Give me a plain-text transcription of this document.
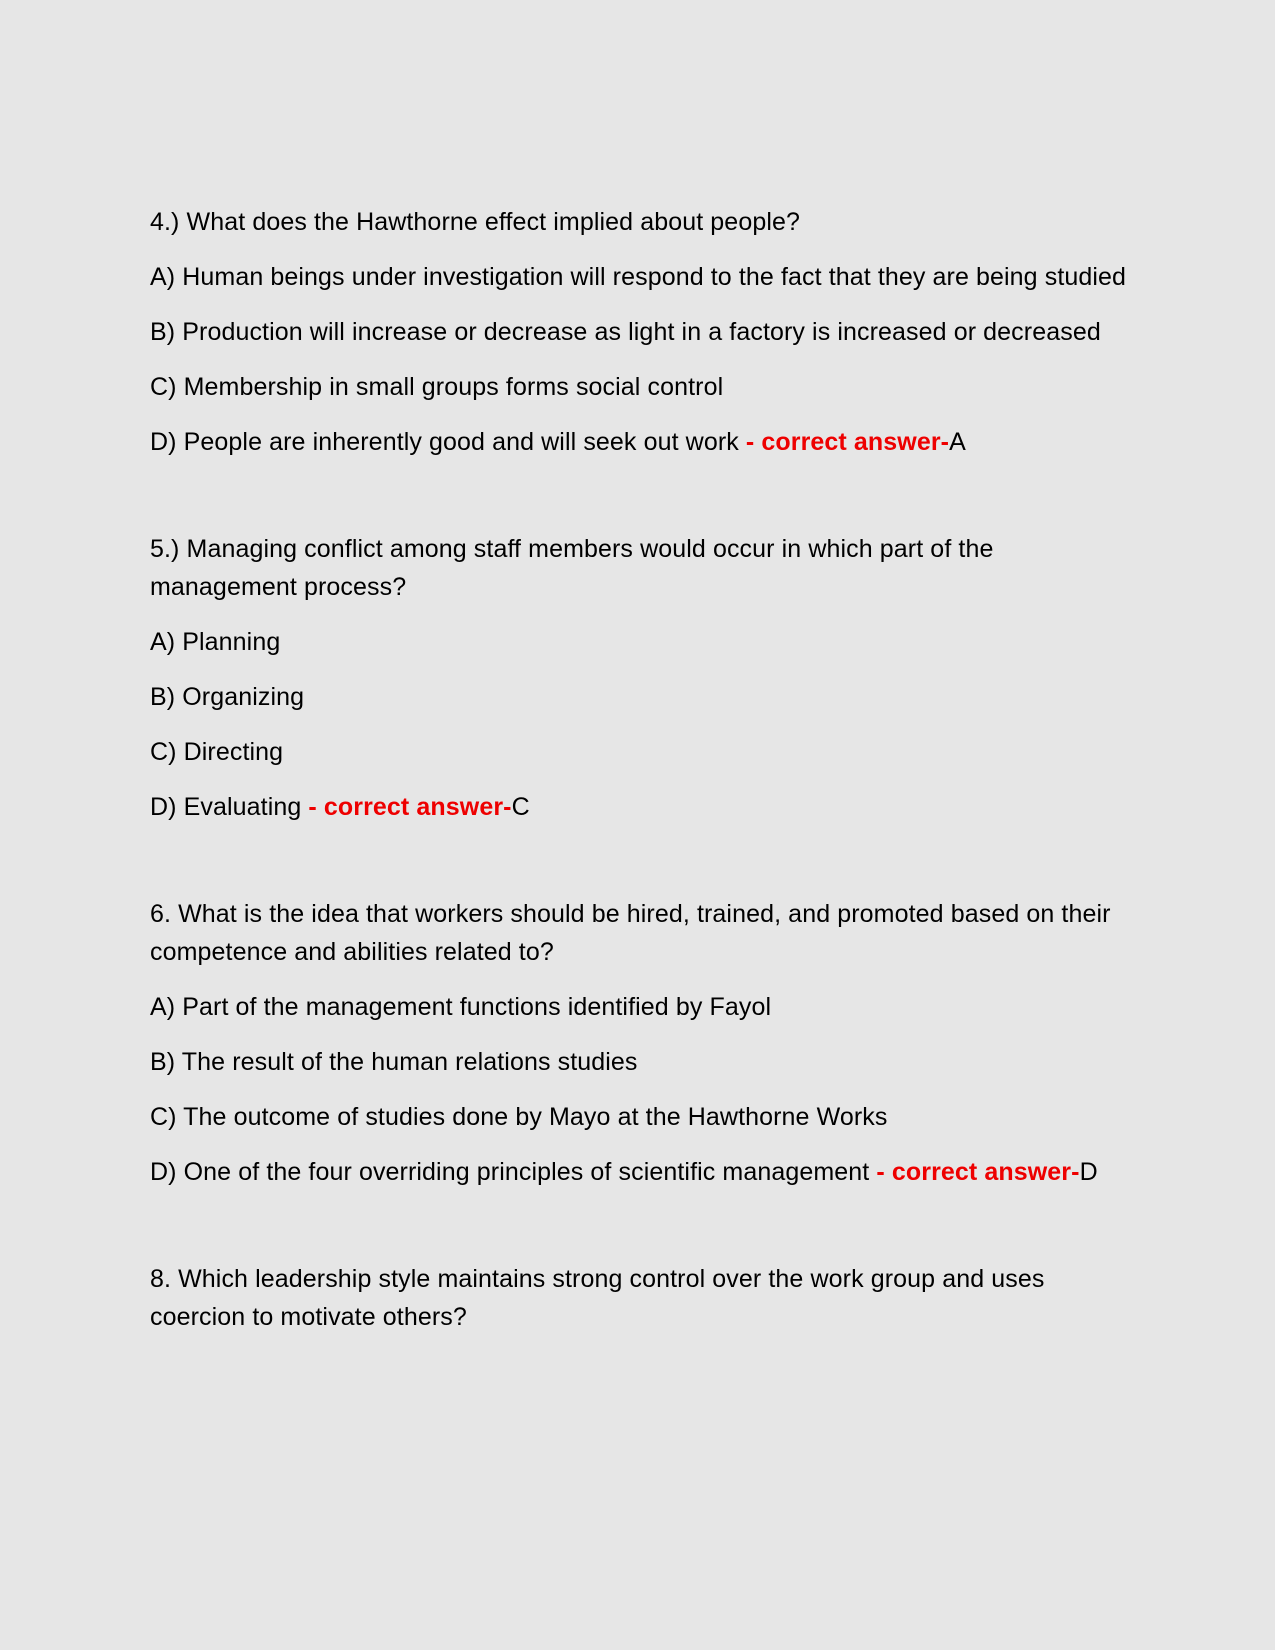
4.) What does the Hawthorne effect implied about people?

A) Human beings under investigation will respond to the fact that they are being studied

B) Production will increase or decrease as light in a factory is increased or decreased

C) Membership in small groups forms social control

D) People are inherently good and will seek out work - correct answer-A

5.) Managing conflict among staff members would occur in which part of the management process?

A) Planning

B) Organizing

C) Directing

D) Evaluating - correct answer-C

6. What is the idea that workers should be hired, trained, and promoted based on their competence and abilities related to?

A) Part of the management functions identified by Fayol

B) The result of the human relations studies

C) The outcome of studies done by Mayo at the Hawthorne Works

D) One of the four overriding principles of scientific management - correct answer-D

8. Which leadership style maintains strong control over the work group and uses coercion to motivate others?
